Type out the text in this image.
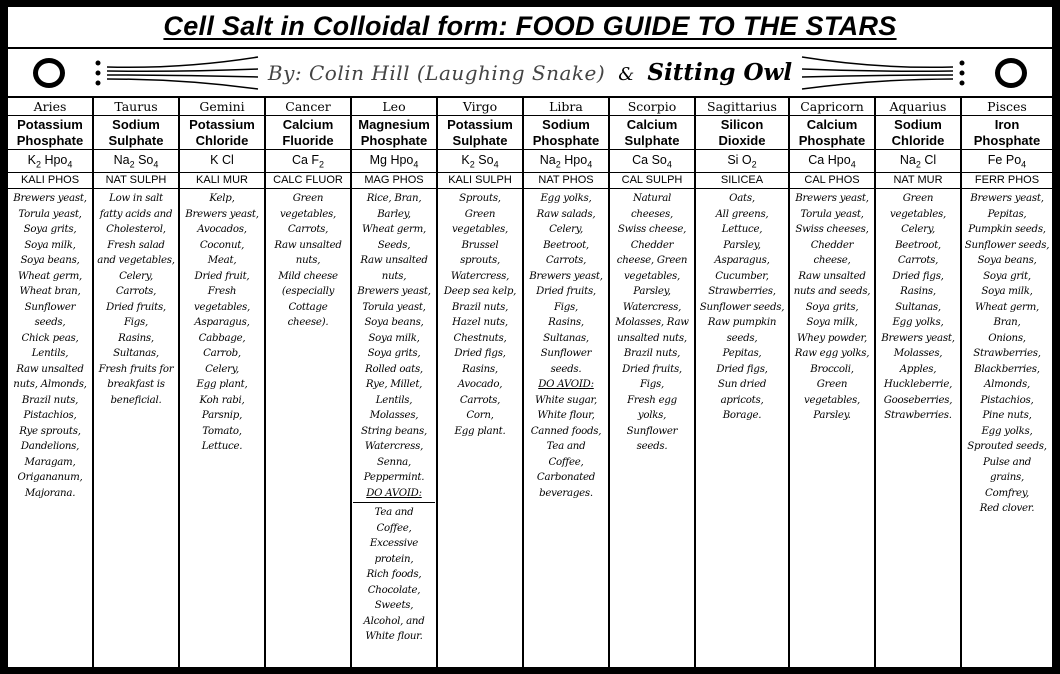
Cell Salt in Colloidal form: FOOD GUIDE TO THE STARS
By: Colin Hill (Laughing Snake) & Sitting Owl
Aries
Potassium
Phosphate
$K_2$ Hpo$_4$
KALI PHOS
Brewers yeast,
Torula yeast,
Soya grits,
Soya milk,
Soya beans,
Wheat germ,
Wheat bran,
Sunflower
seeds,
Chick peas,
Lentils,
Raw unsalted
nuts, Almonds,
Brazil nuts,
Pistachios,
Rye sprouts,
Dandelions,
Maragam,
Origananum,
Majorana.
Taurus
Sodium
Sulphate
$Na_2$ $So_4$
NAT SULPH
Low in salt
fatty acids and
Cholesterol,
Fresh salad
and vegetables,
Celery,
Carrots,
Dried fruits,
Figs,
Rasins,
Sultanas,
Fresh fruits for
breakfast is
beneficial.
Gemini
Potassium
Chloride
K Cl
KALI MUR
Kelp,
Brewers yeast,
Avocados,
Coconut,
Meat,
Dried fruit,
Fresh
vegetables,
Asparagus,
Cabbage,
Carrob,
Celery,
Egg plant,
Koh rabi,
Parsnip,
Tomato,
Lettuce.
Cancer
Calcium
Fluoride
Ca $F_2$
CALC FLUOR
Green
vegetables,
Carrots,
Raw unsalted
nuts,
Mild cheese
(especially
Cottage
cheese).
Leo
Magnesium
Phosphate
Mg Hpo$_4$
MAG PHOS
Rice, Bran,
Barley,
Wheat germ,
Seeds,
Raw unsalted
nuts,
Brewers yeast,
Torula yeast,
Soya beans,
Soya milk,
Soya grits,
Rolled oats,
Rye, Millet,
Lentils,
Molasses,
String beans,
Watercress,
Senna,
Peppermint.
DO AVOID:
Tea and
Coffee,
Excessive
protein,
Rich foods,
Chocolate,
Sweets,
Alcohol, and
White flour.
Virgo
Potassium
Sulphate
$K_2$ $So_4$
KALI SULPH
Sprouts,
Green
vegetables,
Brussel
sprouts,
Watercress,
Deep sea kelp,
Brazil nuts,
Hazel nuts,
Chestnuts,
Dried figs,
Rasins,
Avocado,
Carrots,
Corn,
Egg plant.
Libra
Sodium
Phosphate
$Na_2$ Hpo$_4$
NAT PHOS
Egg yolks,
Raw salads,
Celery,
Beetroot,
Carrots,
Brewers yeast,
Dried fruits,
Figs,
Rasins,
Sultanas,
Sunflower
seeds.
DO AVOID:
White sugar,
White flour,
Canned foods,
Tea and
Coffee,
Carbonated
beverages.
Scorpio
Calcium
Sulphate
Ca $So_4$
CAL SULPH
Natural
cheeses,
Swiss cheese,
Chedder
cheese, Green
vegetables,
Parsley,
Watercress,
Molasses, Raw
unsalted nuts,
Brazil nuts,
Dried fruits,
Figs,
Fresh egg
yolks,
Sunflower
seeds.
Sagittarius
Silicon
Dioxide
Si $O_2$
SILICEA
Oats,
All greens,
Lettuce,
Parsley,
Asparagus,
Cucumber,
Strawberries,
Sunflower seeds,
Raw pumpkin
seeds,
Pepitas,
Dried figs,
Sun dried
apricots,
Borage.
Capricorn
Calcium
Phosphate
Ca Hpo$_4$
CAL PHOS
Brewers yeast,
Torula yeast,
Swiss cheeses,
Chedder
cheese,
Raw unsalted
nuts and seeds,
Soya grits,
Soya milk,
Whey powder,
Raw egg yolks,
Broccoli,
Green
vegetables,
Parsley.
Aquarius
Sodium
Chloride
$Na_2$ Cl
NAT MUR
Green
vegetables,
Celery,
Beetroot,
Carrots,
Dried figs,
Rasins,
Sultanas,
Egg yolks,
Brewers yeast,
Molasses,
Apples,
Huckleberrie,
Gooseberries,
Strawberries.
Pisces
Iron
Phosphate
Fe $Po_4$
FERR PHOS
Brewers yeast,
Pepitas,
Pumpkin seeds,
Sunflower seeds,
Soya beans,
Soya grit,
Soya milk,
Wheat germ,
Bran,
Onions,
Strawberries,
Blackberries,
Almonds,
Pistachios,
Pine nuts,
Egg yolks,
Sprouted seeds,
Pulse and
grains,
Comfrey,
Red clover.
